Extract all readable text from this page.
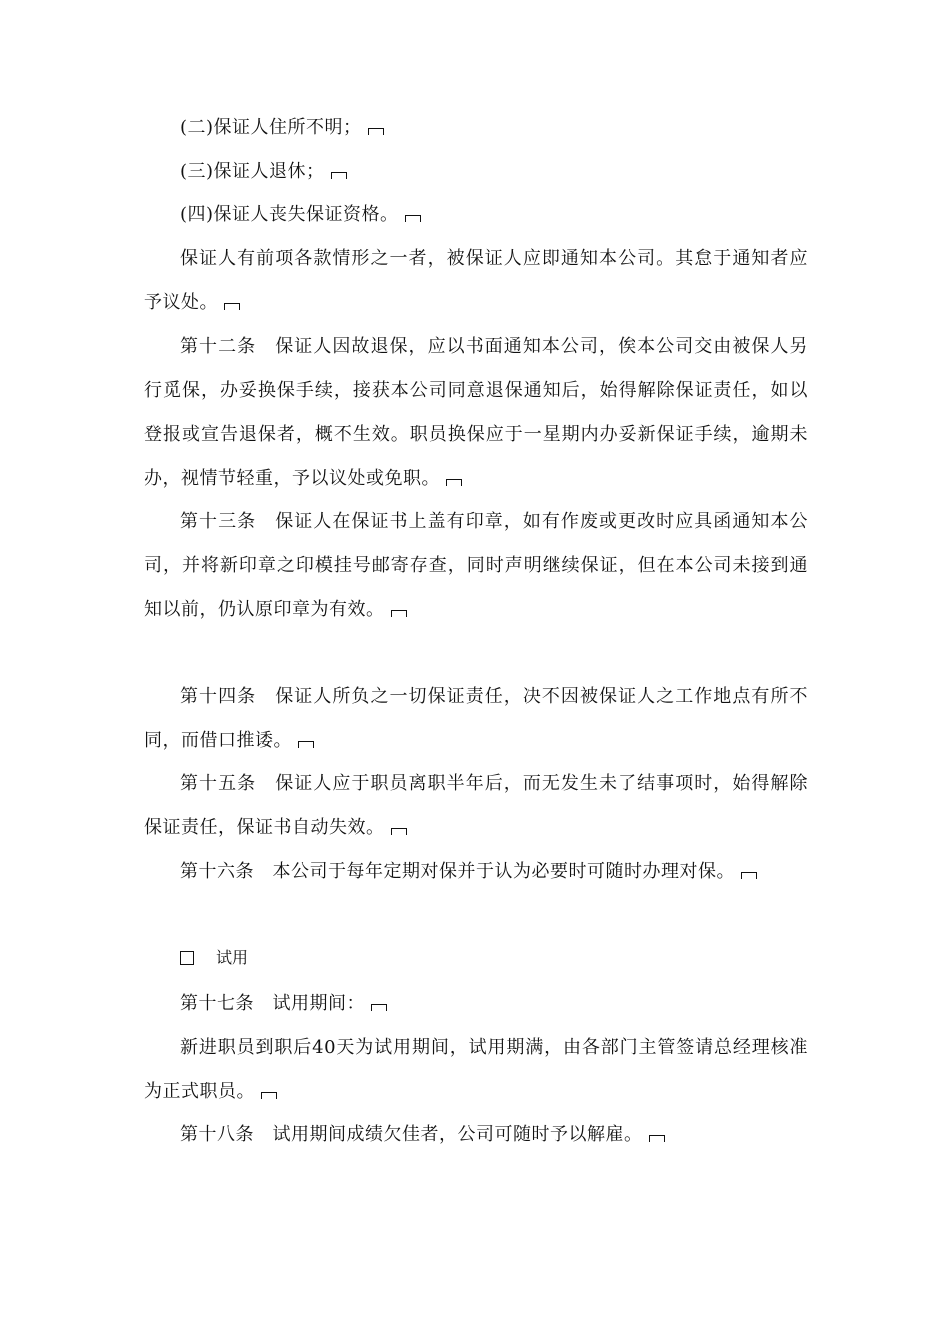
(二)保证人住所不明；

(三)保证人退休；

(四)保证人丧失保证资格。

保证人有前项各款情形之一者，被保证人应即通知本公司。其怠于通知者应予议处。

第十二条　保证人因故退保，应以书面通知本公司，俟本公司交由被保人另行觅保，办妥换保手续，接获本公司同意退保通知后，始得解除保证责任，如以登报或宣告退保者，概不生效。职员换保应于一星期内办妥新保证手续，逾期未办，视情节轻重，予以议处或免职。

第十三条　保证人在保证书上盖有印章，如有作废或更改时应具函通知本公司，并将新印章之印模挂号邮寄存查，同时声明继续保证，但在本公司未接到通知以前，仍认原印章为有效。

第十四条　保证人所负之一切保证责任，决不因被保证人之工作地点有所不同，而借口推诿。

第十五条　保证人应于职员离职半年后，而无发生未了结事项时，始得解除保证责任，保证书自动失效。

第十六条　本公司于每年定期对保并于认为必要时可随时办理对保。

试用

第十七条　试用期间：

新进职员到职后40天为试用期间，试用期满，由各部门主管签请总经理核准为正式职员。

第十八条　试用期间成绩欠佳者，公司可随时予以解雇。
